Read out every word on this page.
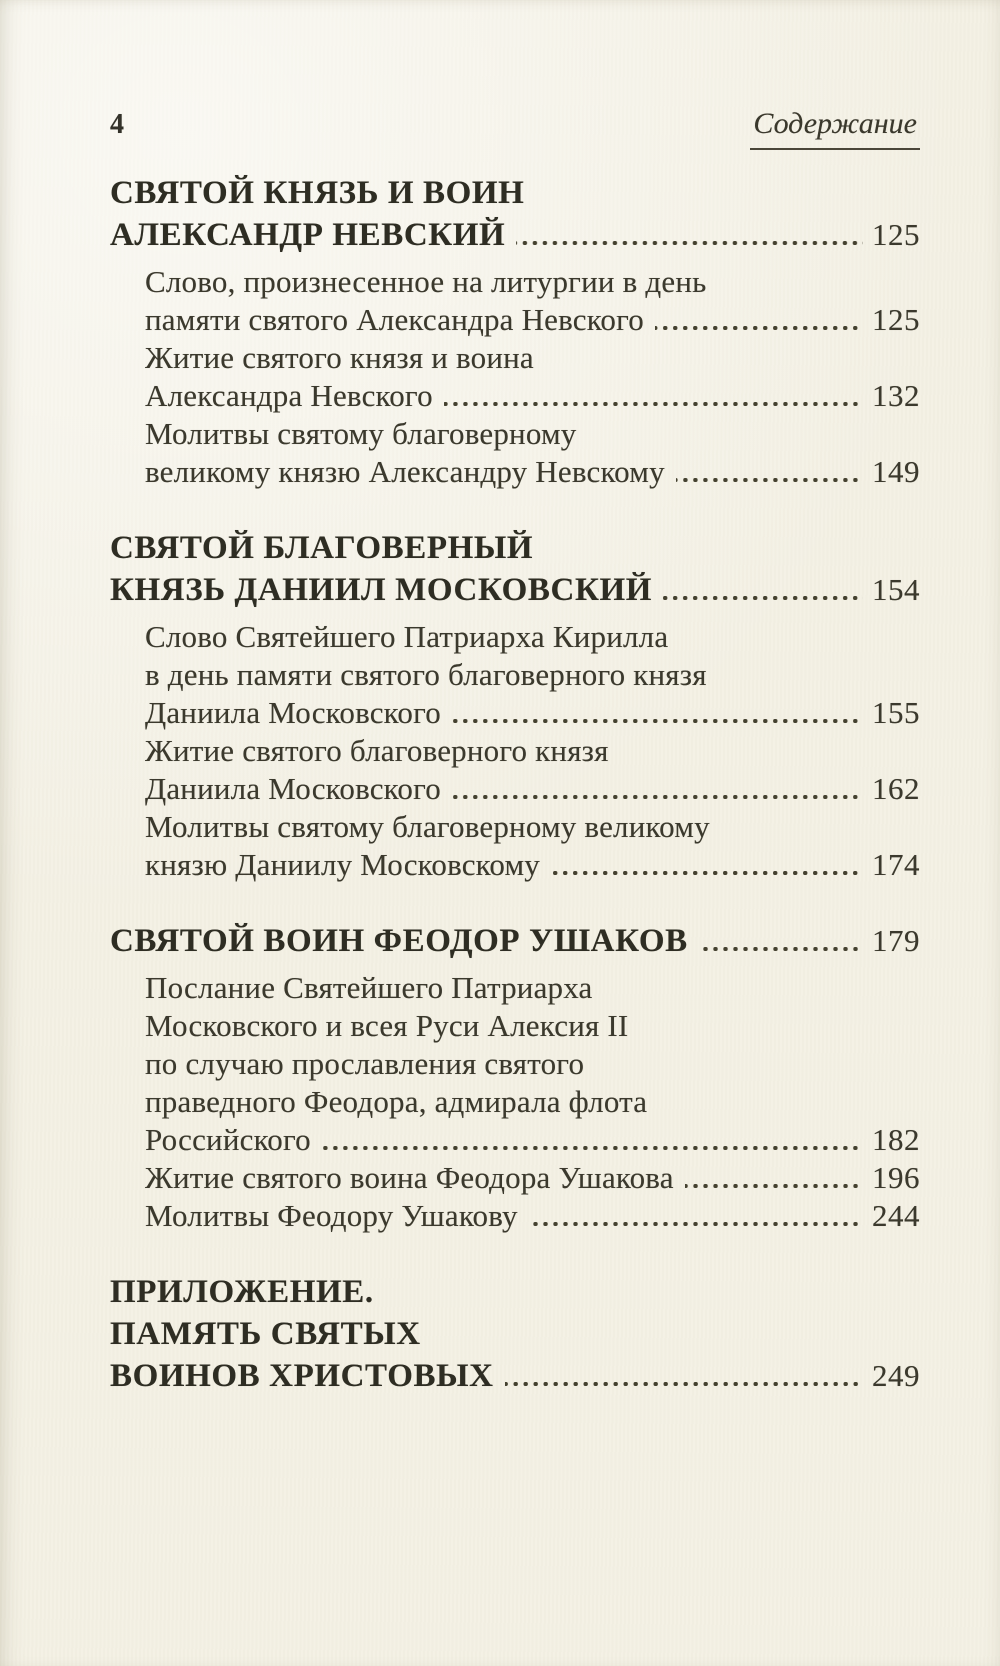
4	Содержание
СВЯТОЙ КНЯЗЬ И ВОИН
АЛЕКСАНДР НЕВСКИЙ	125
Слово, произнесенное на литургии в день
памяти святого Александра Невского	125
Житие святого князя и воина
Александра Невского	132
Молитвы святому благоверному
великому князю Александру Невскому	149
СВЯТОЙ БЛАГОВЕРНЫЙ
КНЯЗЬ ДАНИИЛ МОСКОВСКИЙ	154
Слово Святейшего Патриарха Кирилла
в день памяти святого благоверного князя
Даниила Московского	155
Житие святого благоверного князя
Даниила Московского	162
Молитвы святому благоверному великому
князю Даниилу Московскому	174
СВЯТОЙ ВОИН ФЕОДОР УШАКОВ	179
Послание Святейшего Патриарха
Московского и всея Руси Алексия II
по случаю прославления святого
праведного Феодора, адмирала флота
Российского	182
Житие святого воина Феодора Ушакова	196
Молитвы Феодору Ушакову	244
ПРИЛОЖЕНИЕ.
ПАМЯТЬ СВЯТЫХ
ВОИНОВ ХРИСТОВЫХ	249
